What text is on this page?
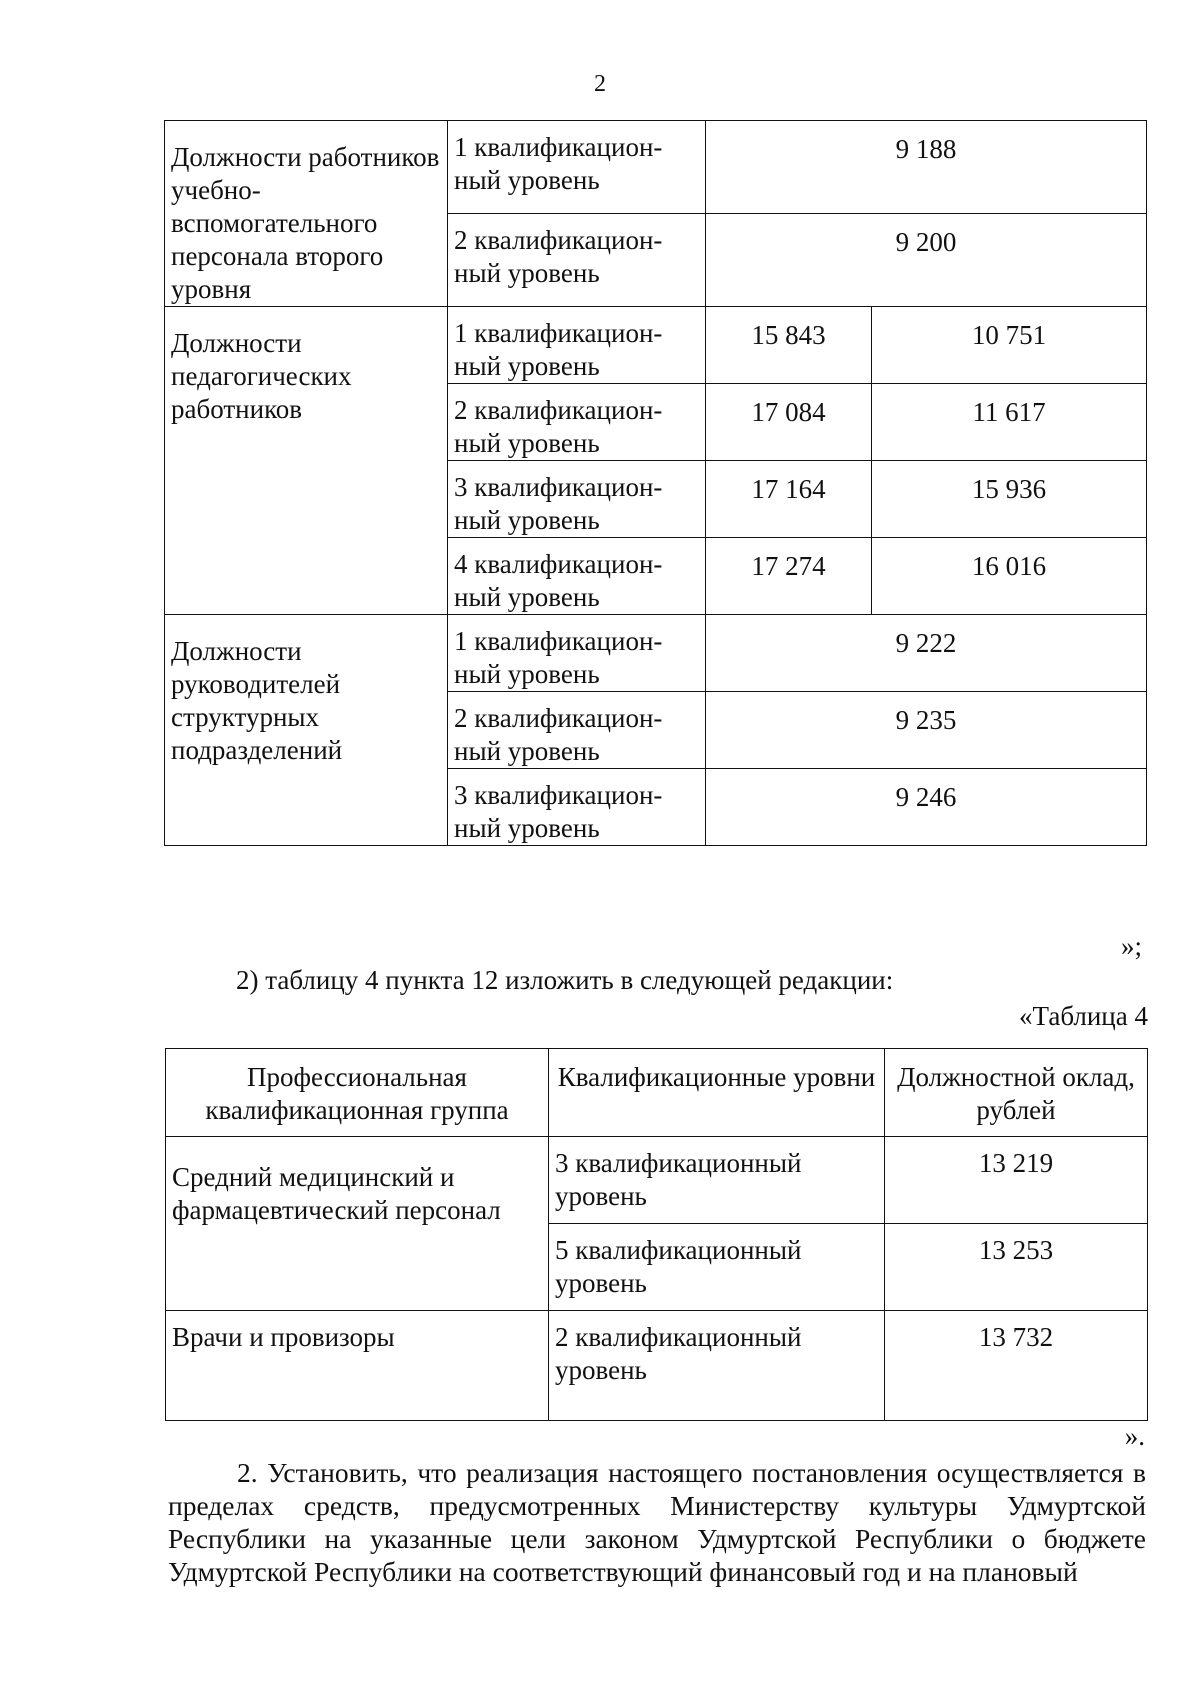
2
Должности работников учебно-вспомогательного персонала второго уровня	1 квалификацион-ный уровень	9 188	
	2 квалификацион-ный уровень	9 200	
Должности педагогических работников	1 квалификацион-ный уровень	15 843	10 751
	2 квалификацион-ный уровень	17 084	11 617
	3 квалификацион-ный уровень	17 164	15 936
	4 квалификацион-ный уровень	17 274	16 016
Должности руководителей структурных подразделений	1 квалификацион-ный уровень	9 222	
	2 квалификацион-ный уровень	9 235	
	3 квалификацион-ный уровень	9 246	
»;
2) таблицу 4 пункта 12 изложить в следующей редакции:
«Таблица 4
Профессиональная квалификационная группа	Квалификационные уровни	Должностной оклад, рублей
Средний медицинский и фармацевтический персонал	3 квалификационный уровень	13 219
	5 квалификационный уровень	13 253
Врачи и провизоры	2 квалификационный уровень	13 732
».
2. Установить, что реализация настоящего постановления осуществляется в пределах средств, предусмотренных Министерству культуры Удмуртской Республики на указанные цели законом Удмуртской Республики о бюджете Удмуртской Республики на соответствующий финансовый год и на плановый
